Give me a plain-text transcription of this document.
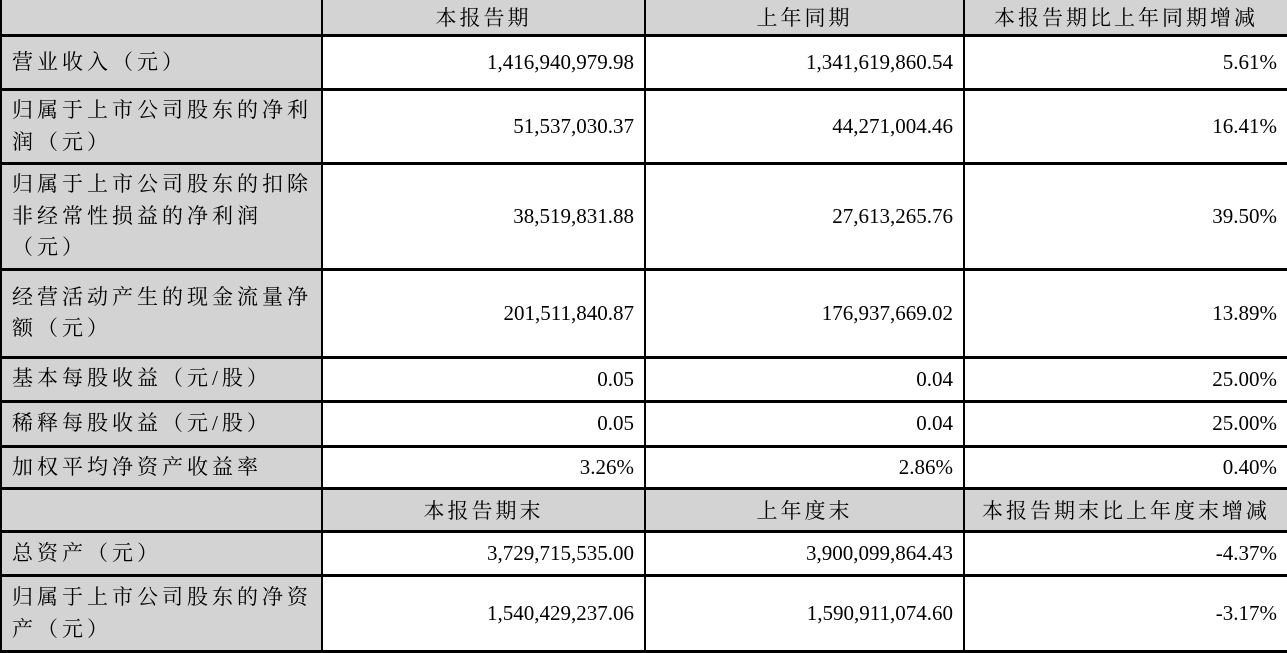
	本报告期	上年同期	本报告期比上年同期增减
营业收入（元）	1,416,940,979.98	1,341,619,860.54	5.61%
归属于上市公司股东的净利润（元）	51,537,030.37	44,271,004.46	16.41%
归属于上市公司股东的扣除非经常性损益的净利润（元）	38,519,831.88	27,613,265.76	39.50%
经营活动产生的现金流量净额（元）	201,511,840.87	176,937,669.02	13.89%
基本每股收益（元/股）	0.05	0.04	25.00%
稀释每股收益（元/股）	0.05	0.04	25.00%
加权平均净资产收益率	3.26%	2.86%	0.40%
	本报告期末	上年度末	本报告期末比上年度末增减
总资产（元）	3,729,715,535.00	3,900,099,864.43	-4.37%
归属于上市公司股东的净资产（元）	1,540,429,237.06	1,590,911,074.60	-3.17%
